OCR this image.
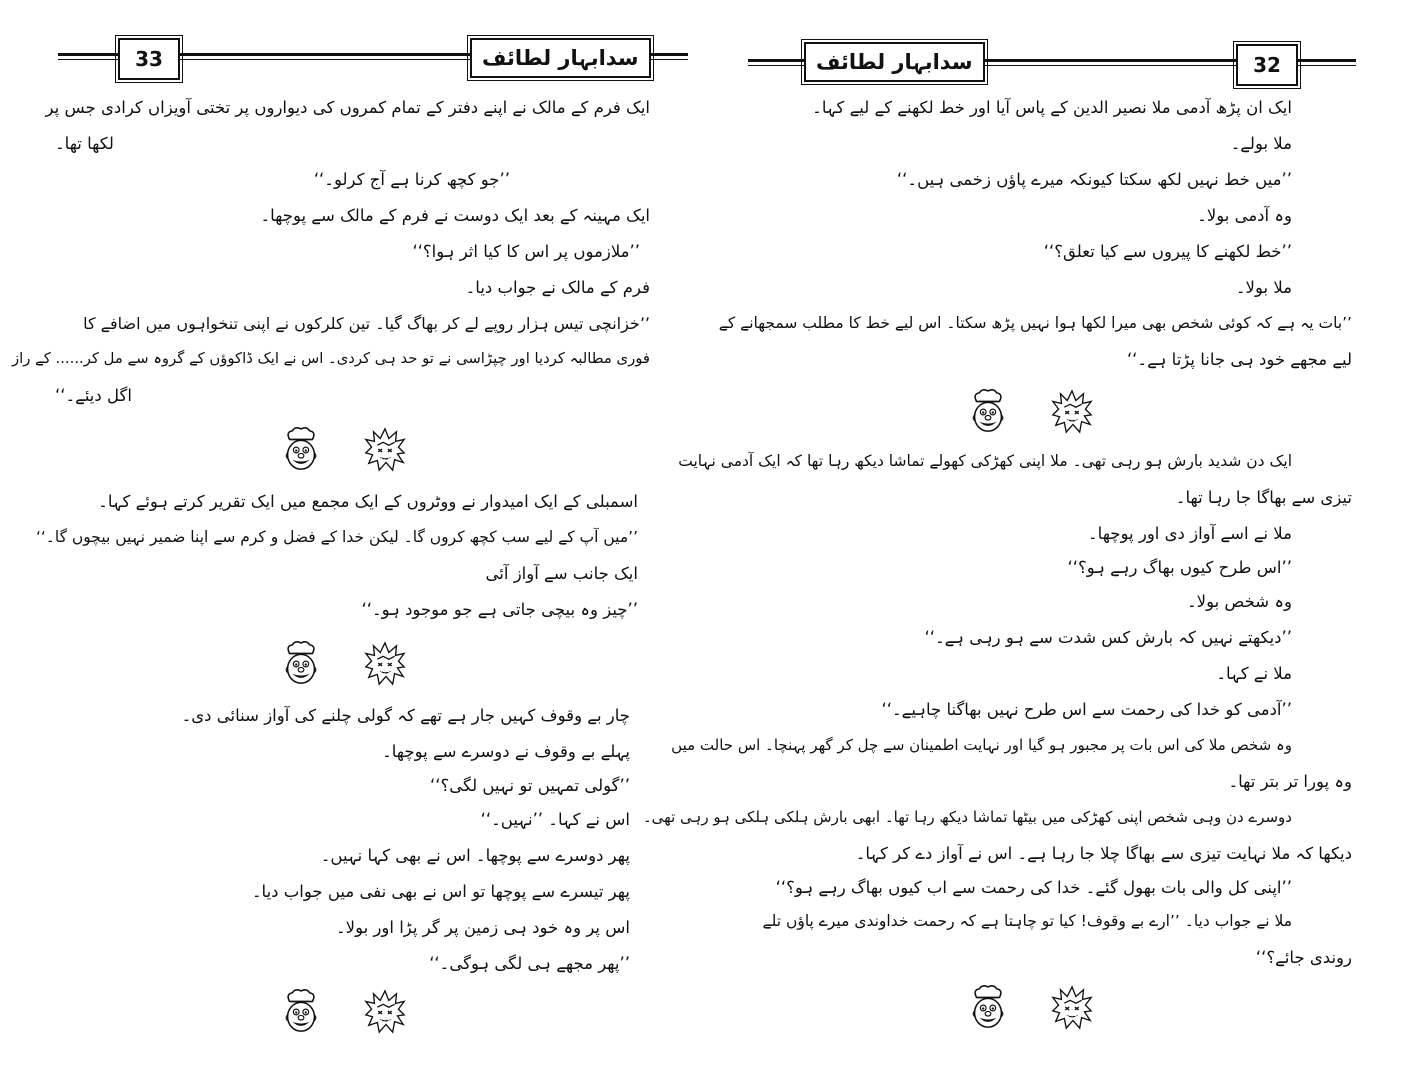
33	سدابہار لطائف
ایک فرم کے مالک نے اپنے دفتر کے تمام کمروں کی دیواروں پر تختی آویزاں کرادی جس پر
لکھا تھا۔
’’جو کچھ کرنا ہے آج کرلو۔‘‘
ایک مہینہ کے بعد ایک دوست نے فرم کے مالک سے پوچھا۔
’’ملازموں پر اس کا کیا اثر ہوا؟‘‘
فرم کے مالک نے جواب دیا۔
’’خزانچی تیس ہزار روپے لے کر بھاگ گیا۔ تین کلرکوں نے اپنی تنخواہوں میں اضافے کا
فوری مطالبہ کردیا اور چپڑاسی نے تو حد ہی کردی۔ اس نے ایک ڈاکوؤں کے گروہ سے مل کر...... کے راز
اگل دیئے۔‘‘
اسمبلی کے ایک امیدوار نے ووٹروں کے ایک مجمع میں ایک تقریر کرتے ہوئے کہا۔
’’میں آپ کے لیے سب کچھ کروں گا۔ لیکن خدا کے فضل و کرم سے اپنا ضمیر نہیں بیچوں گا۔‘‘
ایک جانب سے آواز آئی
’’چیز وہ بیچی جاتی ہے جو موجود ہو۔‘‘
چار بے وقوف کہیں جار ہے تھے کہ گولی چلنے کی آواز سنائی دی۔
پہلے بے وقوف نے دوسرے سے پوچھا۔
’’گولی تمہیں تو نہیں لگی؟‘‘
اس نے کہا۔ ’’نہیں۔‘‘
پھر دوسرے سے پوچھا۔ اس نے بھی کہا نہیں۔
پھر تیسرے سے پوچھا تو اس نے بھی نفی میں جواب دیا۔
اس پر وہ خود ہی زمین پر گر پڑا اور بولا۔
’’پھر مجھے ہی لگی ہوگی۔‘‘
سدابہار لطائف	32
ایک ان پڑھ آدمی ملا نصیر الدین کے پاس آیا اور خط لکھنے کے لیے کہا۔
ملا بولے۔
’’میں خط نہیں لکھ سکتا کیونکہ میرے پاؤں زخمی ہیں۔‘‘
وہ آدمی بولا۔
’’خط لکھنے کا پیروں سے کیا تعلق؟‘‘
ملا بولا۔
’’بات یہ ہے کہ کوئی شخص بھی میرا لکھا ہوا نہیں پڑھ سکتا۔ اس لیے خط کا مطلب سمجھانے کے
لیے مجھے خود ہی جانا پڑتا ہے۔‘‘
ایک دن شدید بارش ہو رہی تھی۔ ملا اپنی کھڑکی کھولے تماشا دیکھ رہا تھا کہ ایک آدمی نہایت
تیزی سے بھاگا جا رہا تھا۔
ملا نے اسے آواز دی اور پوچھا۔
’’اس طرح کیوں بھاگ رہے ہو؟‘‘
وہ شخص بولا۔
’’دیکھتے نہیں کہ بارش کس شدت سے ہو رہی ہے۔‘‘
ملا نے کہا۔
’’آدمی کو خدا کی رحمت سے اس طرح نہیں بھاگنا چاہیے۔‘‘
وہ شخص ملا کی اس بات پر مجبور ہو گیا اور نہایت اطمینان سے چل کر گھر پہنچا۔ اس حالت میں
وہ پورا تر بتر تھا۔
دوسرے دن وہی شخص اپنی کھڑکی میں بیٹھا تماشا دیکھ رہا تھا۔ ابھی بارش ہلکی ہلکی ہو رہی تھی۔
دیکھا کہ ملا نہایت تیزی سے بھاگا چلا جا رہا ہے۔ اس نے آواز دے کر کہا۔
’’اپنی کل والی بات بھول گئے۔ خدا کی رحمت سے اب کیوں بھاگ رہے ہو؟‘‘
ملا نے جواب دیا۔ ’’ارے بے وقوف! کیا تو چاہتا ہے کہ رحمت خداوندی میرے پاؤں تلے
روندی جائے؟‘‘
